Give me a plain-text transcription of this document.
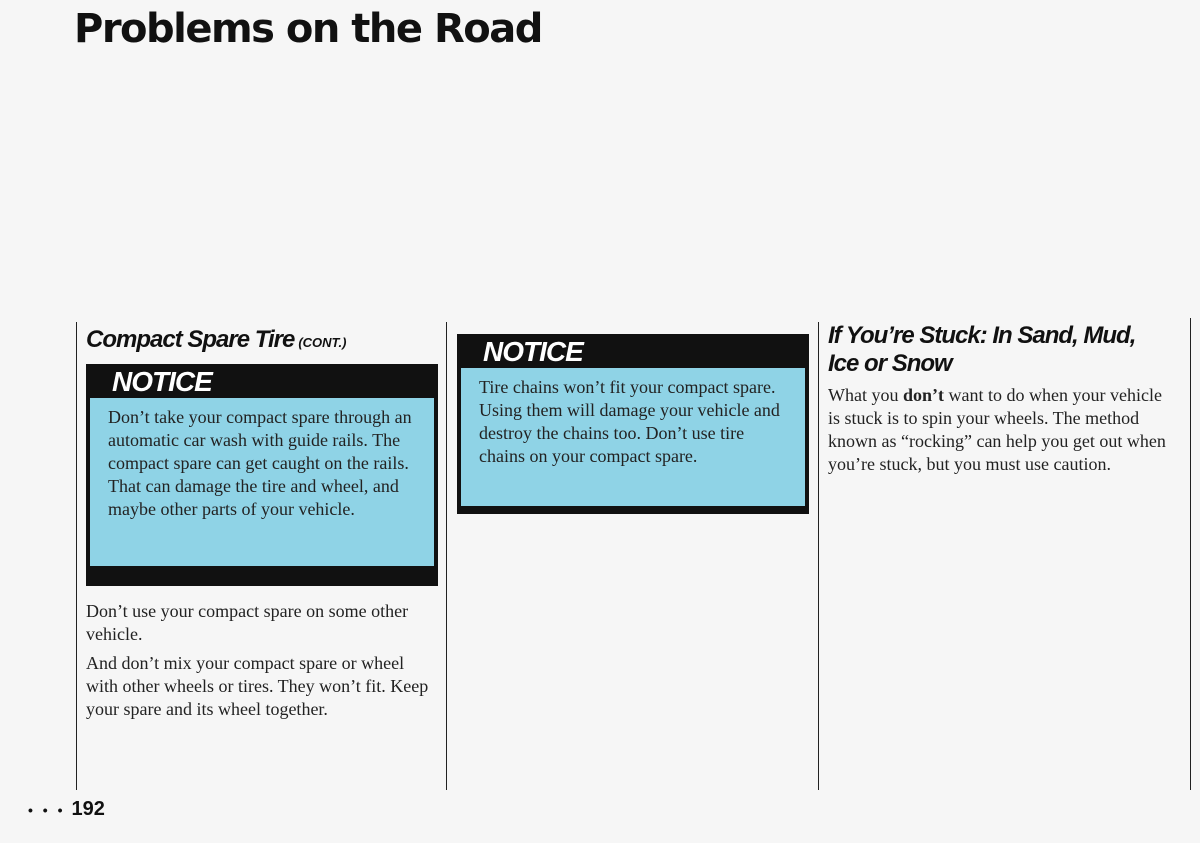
Problems on the Road
Compact Spare Tire (CONT.)
NOTICE
Don’t take your compact spare through an automatic car wash with guide rails. The compact spare can get caught on the rails. That can damage the tire and wheel, and maybe other parts of your vehicle.

Don’t use your compact spare on some other vehicle.

And don’t mix your compact spare or wheel with other wheels or tires. They won’t fit. Keep your spare and its wheel together.

NOTICE
Tire chains won’t fit your compact spare. Using them will damage your vehicle and destroy the chains too. Don’t use tire chains on your compact spare.
If You’re Stuck: In Sand, Mud, Ice or Snow

What you don’t want to do when your vehicle is stuck is to spin your wheels. The method known as “rocking” can help you get out when you’re stuck, but you must use caution.

• • • 192
